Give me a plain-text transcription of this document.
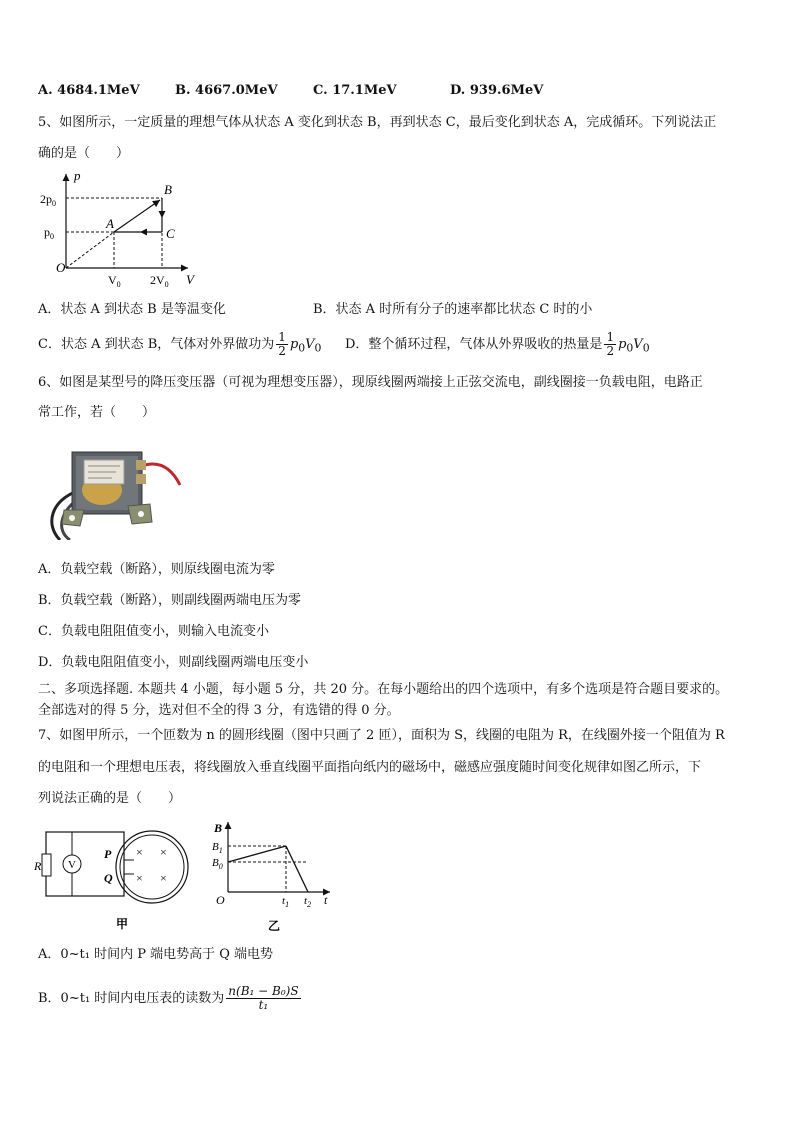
A. 4684.1MeV	B. 4667.0MeV	C. 17.1MeV	D. 939.6MeV
5、如图所示，一定质量的理想气体从状态 A 变化到状态 B，再到状态 C，最后变化到状态 A，完成循环。下列说法正
确的是（　　）
p
V
O
$2p_0$
$p_0$
$V_0$ $2V_0$
A
B
C
A．状态 A 到状态 B 是等温变化	B．状态 A 时所有分子的速率都比状态 C 时的小
C．状态 A 到状态 B，气体对外界做功为 $\frac{1}{2} p_0V_0$ D．整个循环过程，气体从外界吸收的热量是 $\frac{1}{2} p_0V_0$
6、如图是某型号的降压变压器（可视为理想变压器），现原线圈两端接上正弦交流电，副线圈接一负载电阻，电路正
常工作，若（　　）
A．负载空载（断路），则原线圈电流为零
B．负载空载（断路），则副线圈两端电压为零
C．负载电阻阻值变小，则输入电流变小
D．负载电阻阻值变小，则副线圈两端电压变小
二、多项选择题. 本题共 4 小题，每小题 5 分，共 20 分。在每小题给出的四个选项中，有多个选项是符合题目要求的。
全部选对的得 5 分，选对但不全的得 3 分，有选错的得 0 分。
7、如图甲所示，一个匝数为 n 的圆形线圈（图中只画了 2 匝），面积为 S，线圈的电阻为 R，在线圈外接一个阻值为 R
的电阻和一个理想电压表，将线圈放入垂直线圈平面指向纸内的磁场中，磁感应强度随时间变化规律如图乙所示，下
列说法正确的是（　　）
R V
P
Q
× ×
× ×
甲
B
$B_1$
$B_0$
O	$t_1$ $t_2$ t
乙
A．0~t₁ 时间内 P 端电势高于 Q 端电势
B．0~t₁ 时间内电压表的读数为 $\frac{\text{n(B₁ − B₀)S}}{\text{t₁}}$
